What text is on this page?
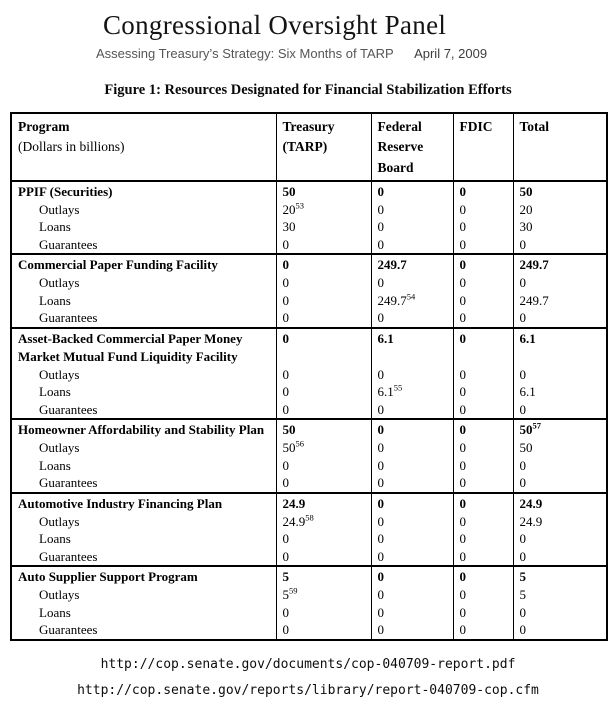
Congressional Oversight Panel
Assessing Treasury’s Strategy: Six Months of TARP April 7, 2009
Figure 1: Resources Designated for Financial Stabilization Efforts
Program
(Dollars in billions)	Treasury (TARP)	Federal Reserve Board	FDIC	Total
PPIF (Securities)	50	0	0	50
Outlays	$20^{53}$	0	0	20
Loans	30	0	0	30
Guarantees	0	0	0	0
Commercial Paper Funding Facility	0	249.7	0	249.7
Outlays	0	0	0	0
Loans	0	249.7$^{54}$	0	249.7
Guarantees	0	0	0	0
Asset-Backed Commercial Paper Money Market Mutual Fund Liquidity Facility	0	6.1	0	6.1
Outlays	0	0	0	0
Loans	0	$6.1^{55}$	0	6.1
Guarantees	0	0	0	0
Homeowner Affordability and Stability Plan	50	0	0	$50^{57}$
Outlays	$50^{56}$	0	0	50
Loans	0	0	0	0
Guarantees	0	0	0	0
Automotive Industry Financing Plan	24.9	0	0	24.9
Outlays	24.9$^{58}$	0	0	24.9
Loans	0	0	0	0
Guarantees	0	0	0	0
Auto Supplier Support Program	5	0	0	5
Outlays	$5^{59}$	0	0	5
Loans	0	0	0	0
Guarantees	0	0	0	0
http://cop.senate.gov/documents/cop-040709-report.pdf
http://cop.senate.gov/reports/library/report-040709-cop.cfm
